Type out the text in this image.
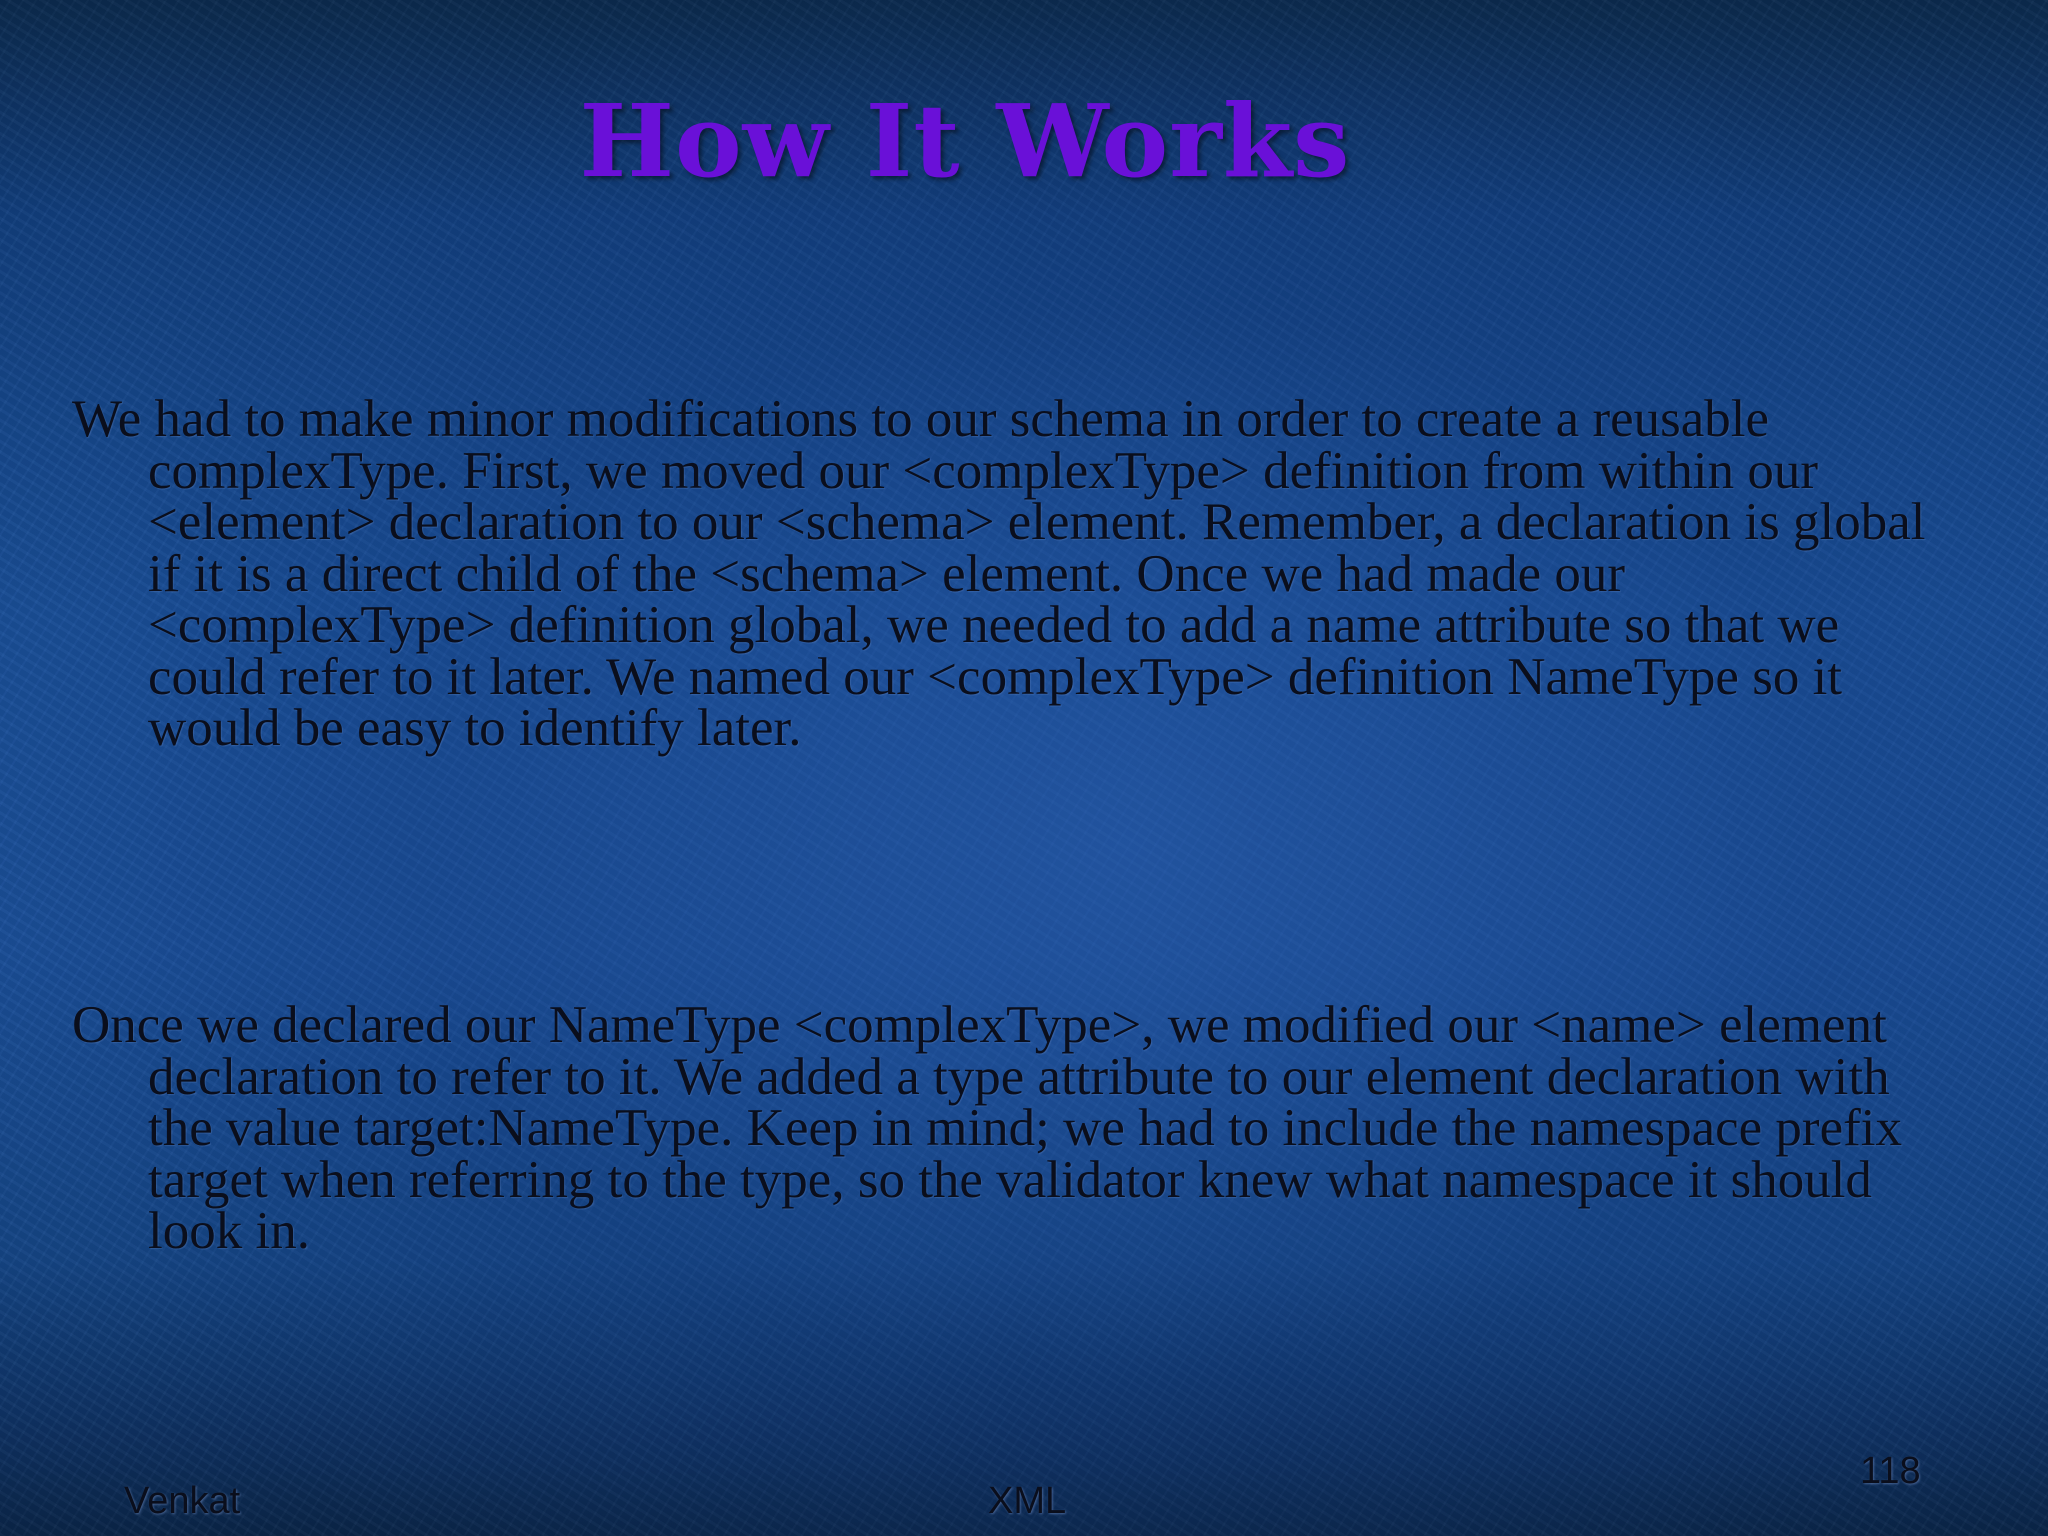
How It Works

We had to make minor modifications to our schema in order to create a reusable complexType. First, we moved our <complexType> definition from within our <element> declaration to our <schema> element. Remember, a declaration is global if it is a direct child of the <schema> element. Once we had made our <complexType> definition global, we needed to add a name attribute so that we could refer to it later. We named our <complexType> definition NameType so it would be easy to identify later.

Once we declared our NameType <complexType>, we modified our <name> element declaration to refer to it. We added a type attribute to our element declaration with the value target:NameType. Keep in mind; we had to include the namespace prefix target when referring to the type, so the validator knew what namespace it should look in.

Venkat	XML
118
